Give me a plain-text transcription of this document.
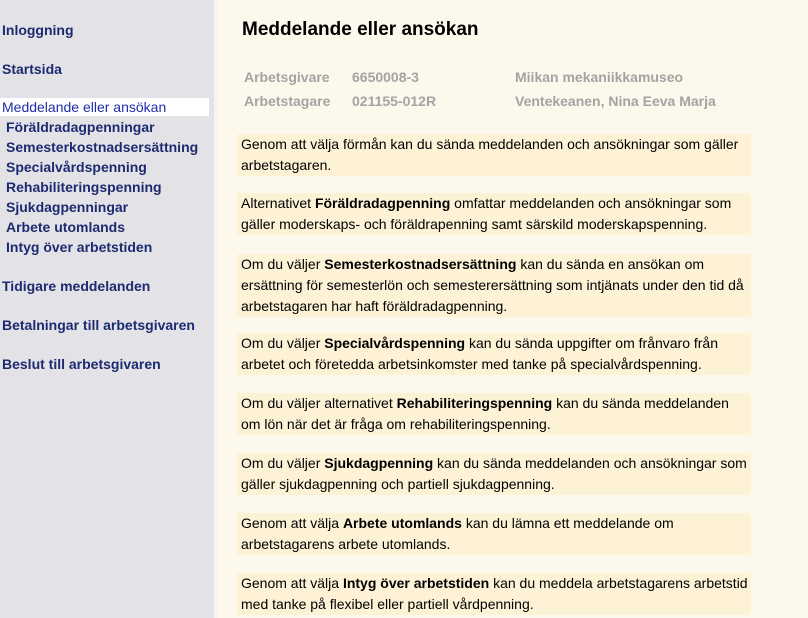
Inloggning
Startsida
Meddelande eller ansökan
Föräldradagpenningar
Semesterkostnadsersättning
Specialvårdspenning
Rehabiliteringspenning
Sjukdagpenningar
Arbete utomlands
Intyg över arbetstiden
Tidigare meddelanden
Betalningar till arbetsgivaren
Beslut till arbetsgivaren
Meddelande eller ansökan
Arbetsgivare 6650008-3	Miikan mekaniikkamuseo
Arbetstagare 021155-012R	Ventekeanen, Nina Eeva Marja
Genom att välja förmån kan du sända meddelanden och ansökningar som gäller arbetstagaren.
Alternativet Föräldradagpenning omfattar meddelanden och ansökningar som gäller moderskaps- och föräldrapenning samt särskild moderskapspenning.
Om du väljer Semesterkostnadsersättning kan du sända en ansökan om ersättning för semesterlön och semesterersättning som intjänats under den tid då arbetstagaren har haft föräldradagpenning.
Om du väljer Specialvårdspenning kan du sända uppgifter om frånvaro från arbetet och företedda arbetsinkomster med tanke på specialvårdspenning.
Om du väljer alternativet Rehabiliteringspenning kan du sända meddelanden om lön när det är fråga om rehabiliteringspenning.
Om du väljer Sjukdagpenning kan du sända meddelanden och ansökningar som gäller sjukdagpenning och partiell sjukdagpenning.
Genom att välja Arbete utomlands kan du lämna ett meddelande om arbetstagarens arbete utomlands.
Genom att välja Intyg över arbetstiden kan du meddela arbetstagarens arbetstid med tanke på flexibel eller partiell vårdpenning.
